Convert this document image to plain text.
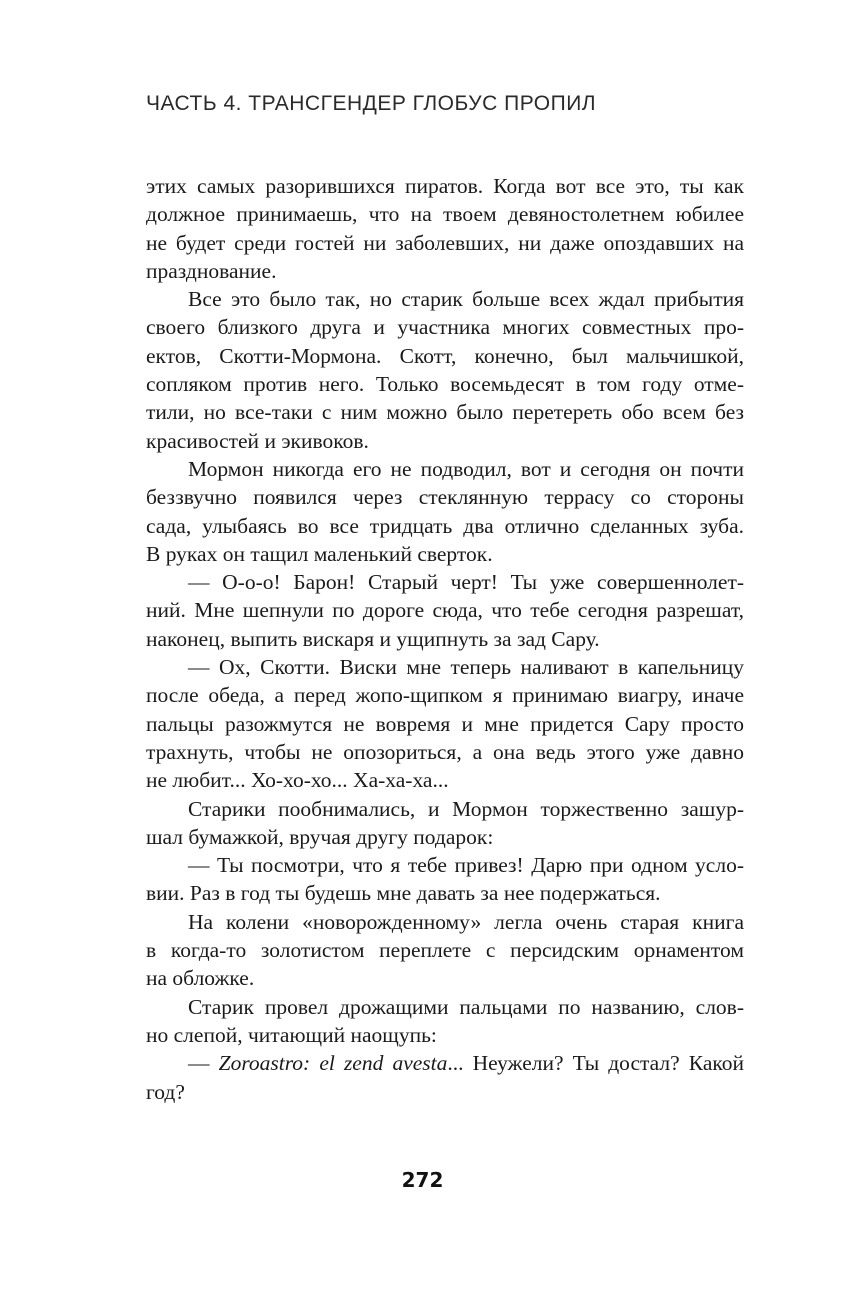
ЧАСТЬ 4. ТРАНСГЕНДЕР ГЛОБУС ПРОПИЛ
этих самых разорившихся пиратов. Когда вот все это, ты как
должное принимаешь, что на твоем девяностолетнем юбилее
не будет среди гостей ни заболевших, ни даже опоздавших на
празднование.
Все это было так, но старик больше всех ждал прибытия
своего близкого друга и участника многих совместных про-
ектов, Скотти-Мормона. Скотт, конечно, был мальчишкой,
сопляком против него. Только восемьдесят в том году отме-
тили, но все-таки с ним можно было перетереть обо всем без
красивостей и экивоков.
Мормон никогда его не подводил, вот и сегодня он почти
беззвучно появился через стеклянную террасу со стороны
сада, улыбаясь во все тридцать два отлично сделанных зуба.
В руках он тащил маленький сверток.
— О-о-о! Барон! Старый черт! Ты уже совершеннолет-
ний. Мне шепнули по дороге сюда, что тебе сегодня разрешат,
наконец, выпить вискаря и ущипнуть за зад Сару.
— Ох, Скотти. Виски мне теперь наливают в капельницу
после обеда, а перед жопо-щипком я принимаю виагру, иначе
пальцы разожмутся не вовремя и мне придется Сару просто
трахнуть, чтобы не опозориться, а она ведь этого уже давно
не любит... Хо-хо-хо... Ха-ха-ха...
Старики пообнимались, и Мормон торжественно зашур-
шал бумажкой, вручая другу подарок:
— Ты посмотри, что я тебе привез! Дарю при одном усло-
вии. Раз в год ты будешь мне давать за нее подержаться.
На колени «новорожденному» легла очень старая книга
в когда-то золотистом переплете с персидским орнаментом
на обложке.
Старик провел дрожащими пальцами по названию, слов-
но слепой, читающий наощупь:
— Zoroastro: el zend avesta... Неужели? Ты достал? Какой
год?
272
